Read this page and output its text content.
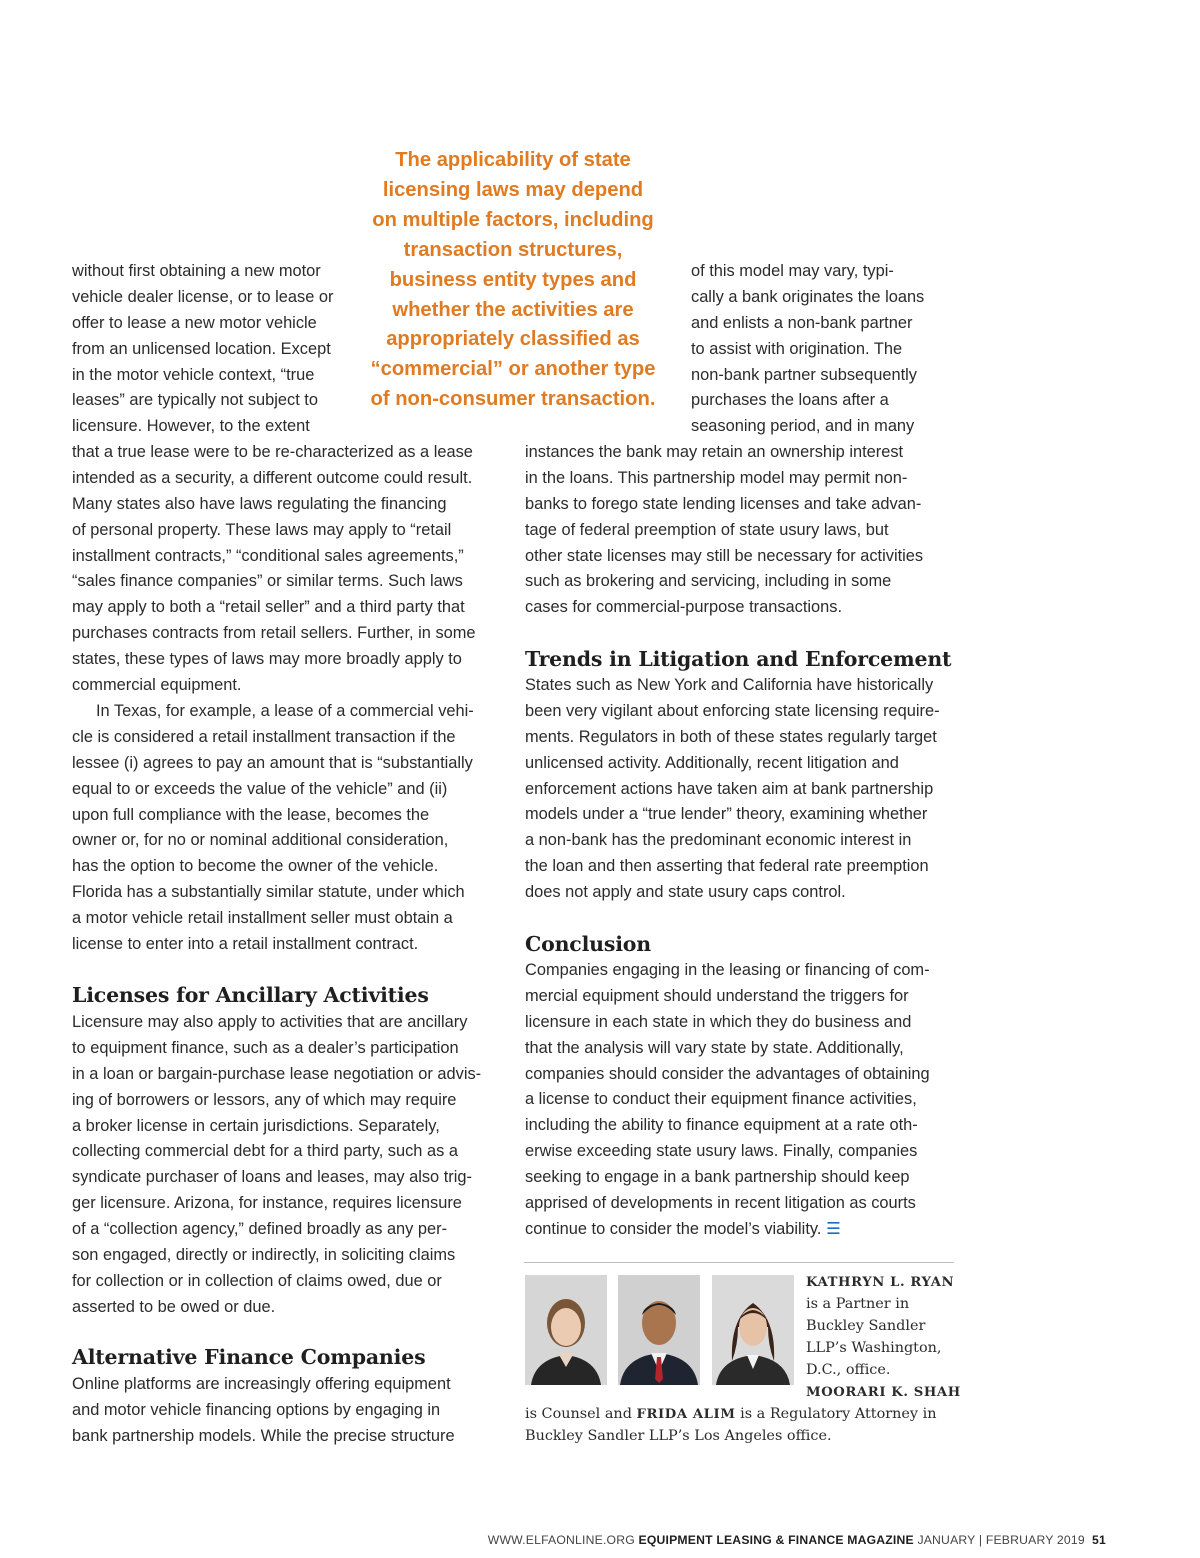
The applicability of state
licensing laws may depend
on multiple factors, including
transaction structures,
business entity types and
whether the activities are
appropriately classified as
“commercial” or another type
of non-consumer transaction.
without first obtaining a new motor
vehicle dealer license, or to lease or
offer to lease a new motor vehicle
from an unlicensed location. Except
in the motor vehicle context, “true
leases” are typically not subject to
licensure. However, to the extent
that a true lease were to be re-characterized as a lease
intended as a security, a different outcome could result.
Many states also have laws regulating the financing
of personal property. These laws may apply to “retail
installment contracts,” “conditional sales agreements,”
“sales finance companies” or similar terms. Such laws
may apply to both a “retail seller” and a third party that
purchases contracts from retail sellers. Further, in some
states, these types of laws may more broadly apply to
commercial equipment.
In Texas, for example, a lease of a commercial vehi-
cle is considered a retail installment transaction if the
lessee (i) agrees to pay an amount that is “substantially
equal to or exceeds the value of the vehicle” and (ii)
upon full compliance with the lease, becomes the
owner or, for no or nominal additional consideration,
has the option to become the owner of the vehicle.
Florida has a substantially similar statute, under which
a motor vehicle retail installment seller must obtain a
license to enter into a retail installment contract.
Licenses for Ancillary Activities
Licensure may also apply to activities that are ancillary
to equipment finance, such as a dealer’s participation
in a loan or bargain-purchase lease negotiation or advis-
ing of borrowers or lessors, any of which may require
a broker license in certain jurisdictions. Separately,
collecting commercial debt for a third party, such as a
syndicate purchaser of loans and leases, may also trig-
ger licensure. Arizona, for instance, requires licensure
of a “collection agency,” defined broadly as any per-
son engaged, directly or indirectly, in soliciting claims
for collection or in collection of claims owed, due or
asserted to be owed or due.
Alternative Finance Companies
Online platforms are increasingly offering equipment
and motor vehicle financing options by engaging in
bank partnership models. While the precise structure
of this model may vary, typi-
cally a bank originates the loans
and enlists a non-bank partner
to assist with origination. The
non-bank partner subsequently
purchases the loans after a
seasoning period, and in many
instances the bank may retain an ownership interest
in the loans. This partnership model may permit non-
banks to forego state lending licenses and take advan-
tage of federal preemption of state usury laws, but
other state licenses may still be necessary for activities
such as brokering and servicing, including in some
cases for commercial-purpose transactions.
Trends in Litigation and Enforcement
States such as New York and California have historically
been very vigilant about enforcing state licensing require-
ments. Regulators in both of these states regularly target
unlicensed activity. Additionally, recent litigation and
enforcement actions have taken aim at bank partnership
models under a “true lender” theory, examining whether
a non-bank has the predominant economic interest in
the loan and then asserting that federal rate preemption
does not apply and state usury caps control.
Conclusion
Companies engaging in the leasing or financing of com-
mercial equipment should understand the triggers for
licensure in each state in which they do business and
that the analysis will vary state by state. Additionally,
companies should consider the advantages of obtaining
a license to conduct their equipment finance activities,
including the ability to finance equipment at a rate oth-
erwise exceeding state usury laws. Finally, companies
seeking to engage in a bank partnership should keep
apprised of developments in recent litigation as courts
continue to consider the model’s viability. ☰
KATHRYN L. RYAN
is a Partner in
Buckley Sandler
LLP’s Washington,
D.C., office.
MOORARI K. SHAH
is Counsel and FRIDA ALIM is a Regulatory Attorney in
Buckley Sandler LLP’s Los Angeles office.
WWW.ELFAONLINE.ORG EQUIPMENT LEASING & FINANCE MAGAZINE JANUARY | FEBRUARY 2019 51
